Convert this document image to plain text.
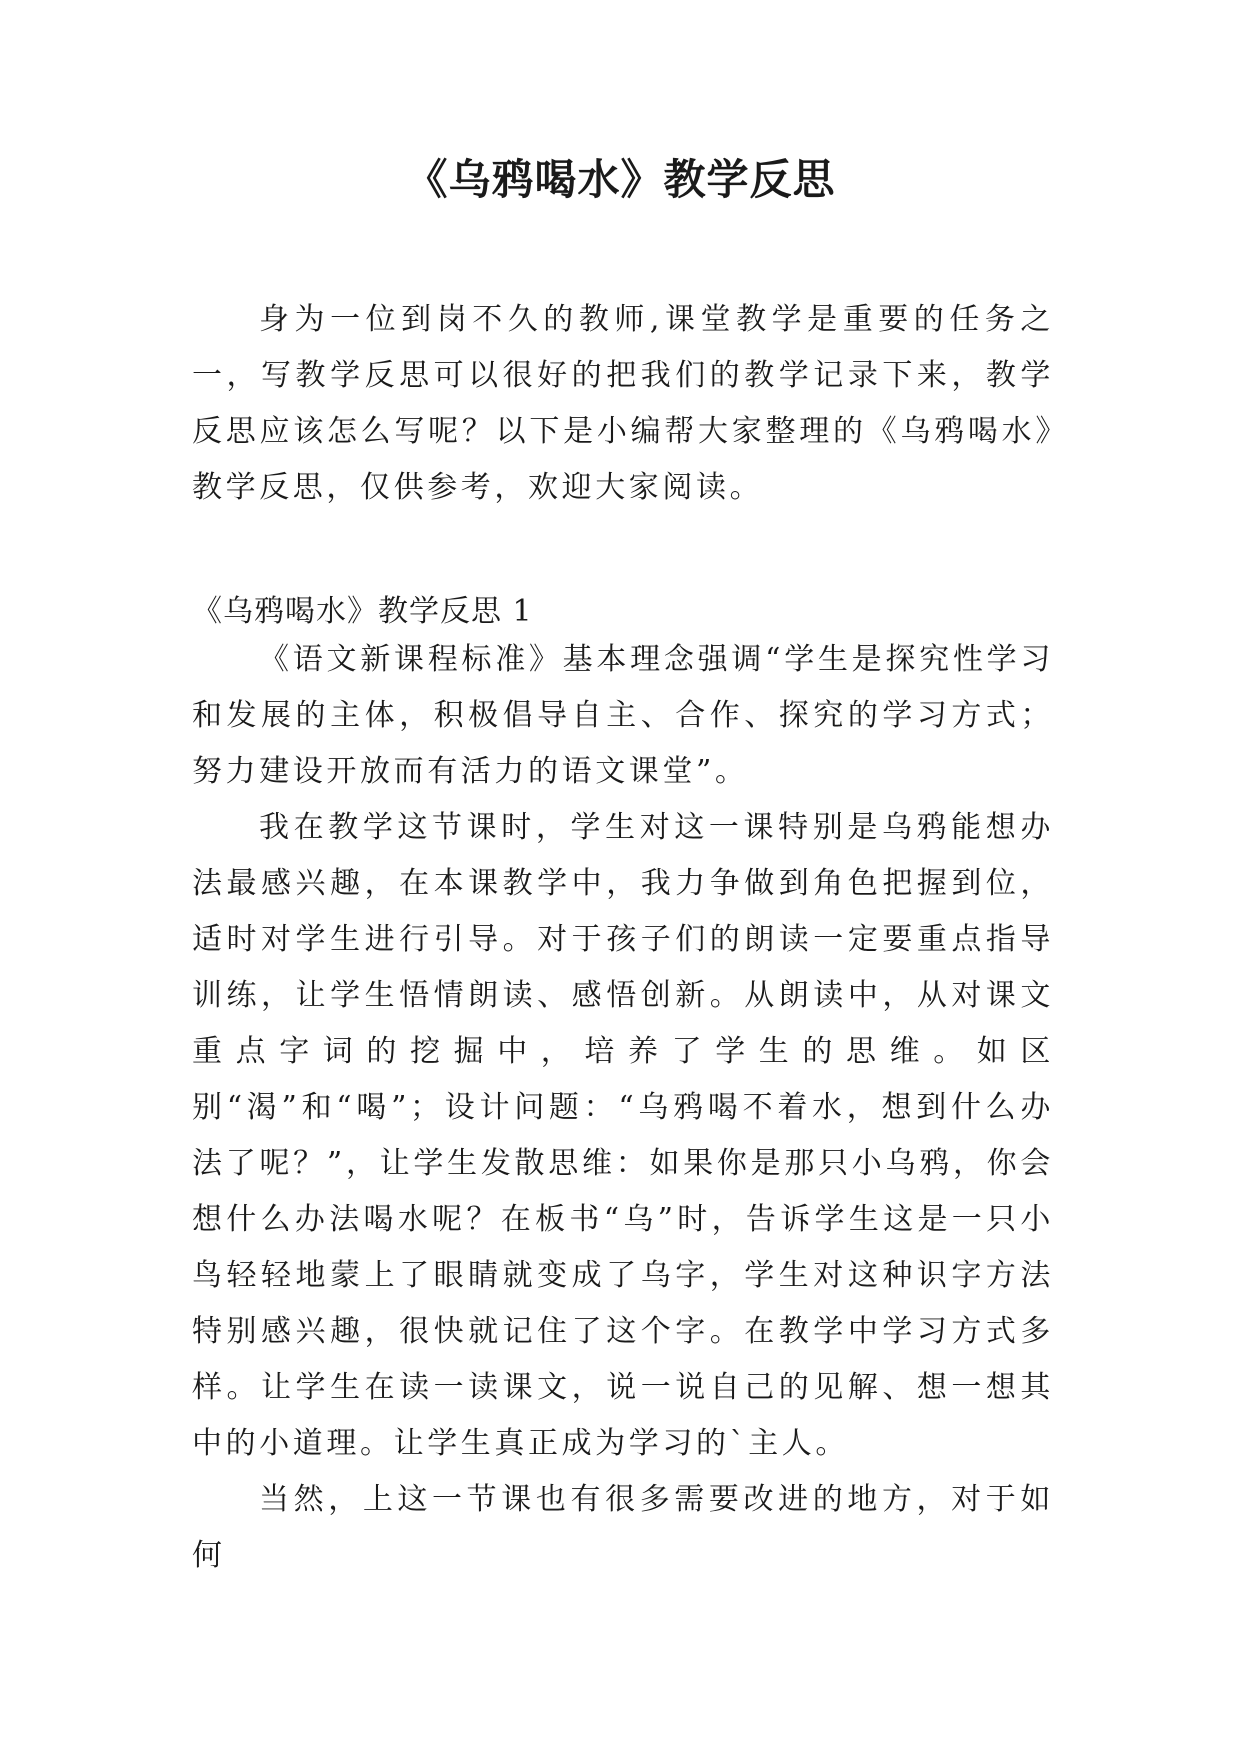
《乌鸦喝水》教学反思

身为一位到岗不久的教师,课堂教学是重要的任务之一，写教学反思可以很好的把我们的教学记录下来，教学反思应该怎么写呢？以下是小编帮大家整理的《乌鸦喝水》教学反思，仅供参考，欢迎大家阅读。

《乌鸦喝水》教学反思 1

《语文新课程标准》基本理念强调“学生是探究性学习和发展的主体，积极倡导自主、合作、探究的学习方式；努力建设开放而有活力的语文课堂”。

我在教学这节课时，学生对这一课特别是乌鸦能想办法最感兴趣，在本课教学中，我力争做到角色把握到位，适时对学生进行引导。对于孩子们的朗读一定要重点指导训练，让学生悟情朗读、感悟创新。从朗读中，从对课文重点字词的挖掘中，培养了学生的思维。如区别“渴”和“喝”；设计问题：“乌鸦喝不着水，想到什么办法了呢？”，让学生发散思维：如果你是那只小乌鸦，你会想什么办法喝水呢？在板书“乌”时，告诉学生这是一只小鸟轻轻地蒙上了眼睛就变成了乌字，学生对这种识字方法特别感兴趣，很快就记住了这个字。在教学中学习方式多样。让学生在读一读课文，说一说自己的见解、想一想其中的小道理。让学生真正成为学习的`主人。

当然，上这一节课也有很多需要改进的地方，对于如何
